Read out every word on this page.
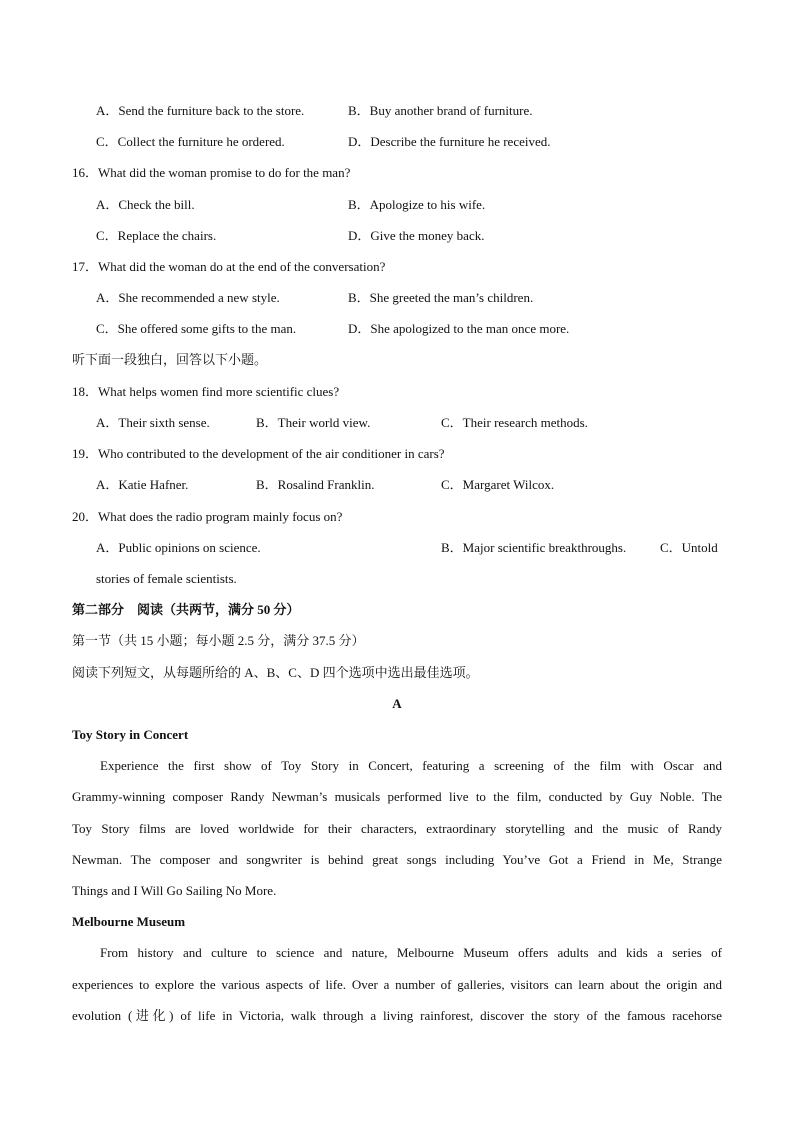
A．Send the furniture back to the store.	B．Buy another brand of furniture.
C．Collect the furniture he ordered.	D．Describe the furniture he received.
16．What did the woman promise to do for the man?
A．Check the bill.	B．Apologize to his wife.
C．Replace the chairs.	D．Give the money back.
17．What did the woman do at the end of the conversation?
A．She recommended a new style.	B．She greeted the man’s children.
C．She offered some gifts to the man.	D．She apologized to the man once more.
听下面一段独白，回答以下小题。
18．What helps women find more scientific clues?
A．Their sixth sense.	B．Their world view.	C．Their research methods.
19．Who contributed to the development of the air conditioner in cars?
A．Katie Hafner.	B．Rosalind Franklin.	C．Margaret Wilcox.
20．What does the radio program mainly focus on?
A．Public opinions on science.	B．Major scientific breakthroughs.	C．Untold
stories of female scientists.
第二部分　阅读（共两节，满分 50 分）
第一节（共 15 小题；每小题 2.5 分，满分 37.5 分）
阅读下列短文，从每题所给的 A、B、C、D 四个选项中选出最佳选项。
A
Toy Story in Concert
Experience the first show of Toy Story in Concert, featuring a screening of the film with Oscar and
Grammy-winning composer Randy Newman’s musicals performed live to the film, conducted by Guy Noble. The
Toy Story films are loved worldwide for their characters, extraordinary storytelling and the music of Randy
Newman. The composer and songwriter is behind great songs including You’ve Got a Friend in Me, Strange
Things and I Will Go Sailing No More.
Melbourne Museum
From history and culture to science and nature, Melbourne Museum offers adults and kids a series of
experiences to explore the various aspects of life. Over a number of galleries, visitors can learn about the origin and
evolution (进化) of life in Victoria, walk through a living rainforest, discover the story of the famous racehorse
